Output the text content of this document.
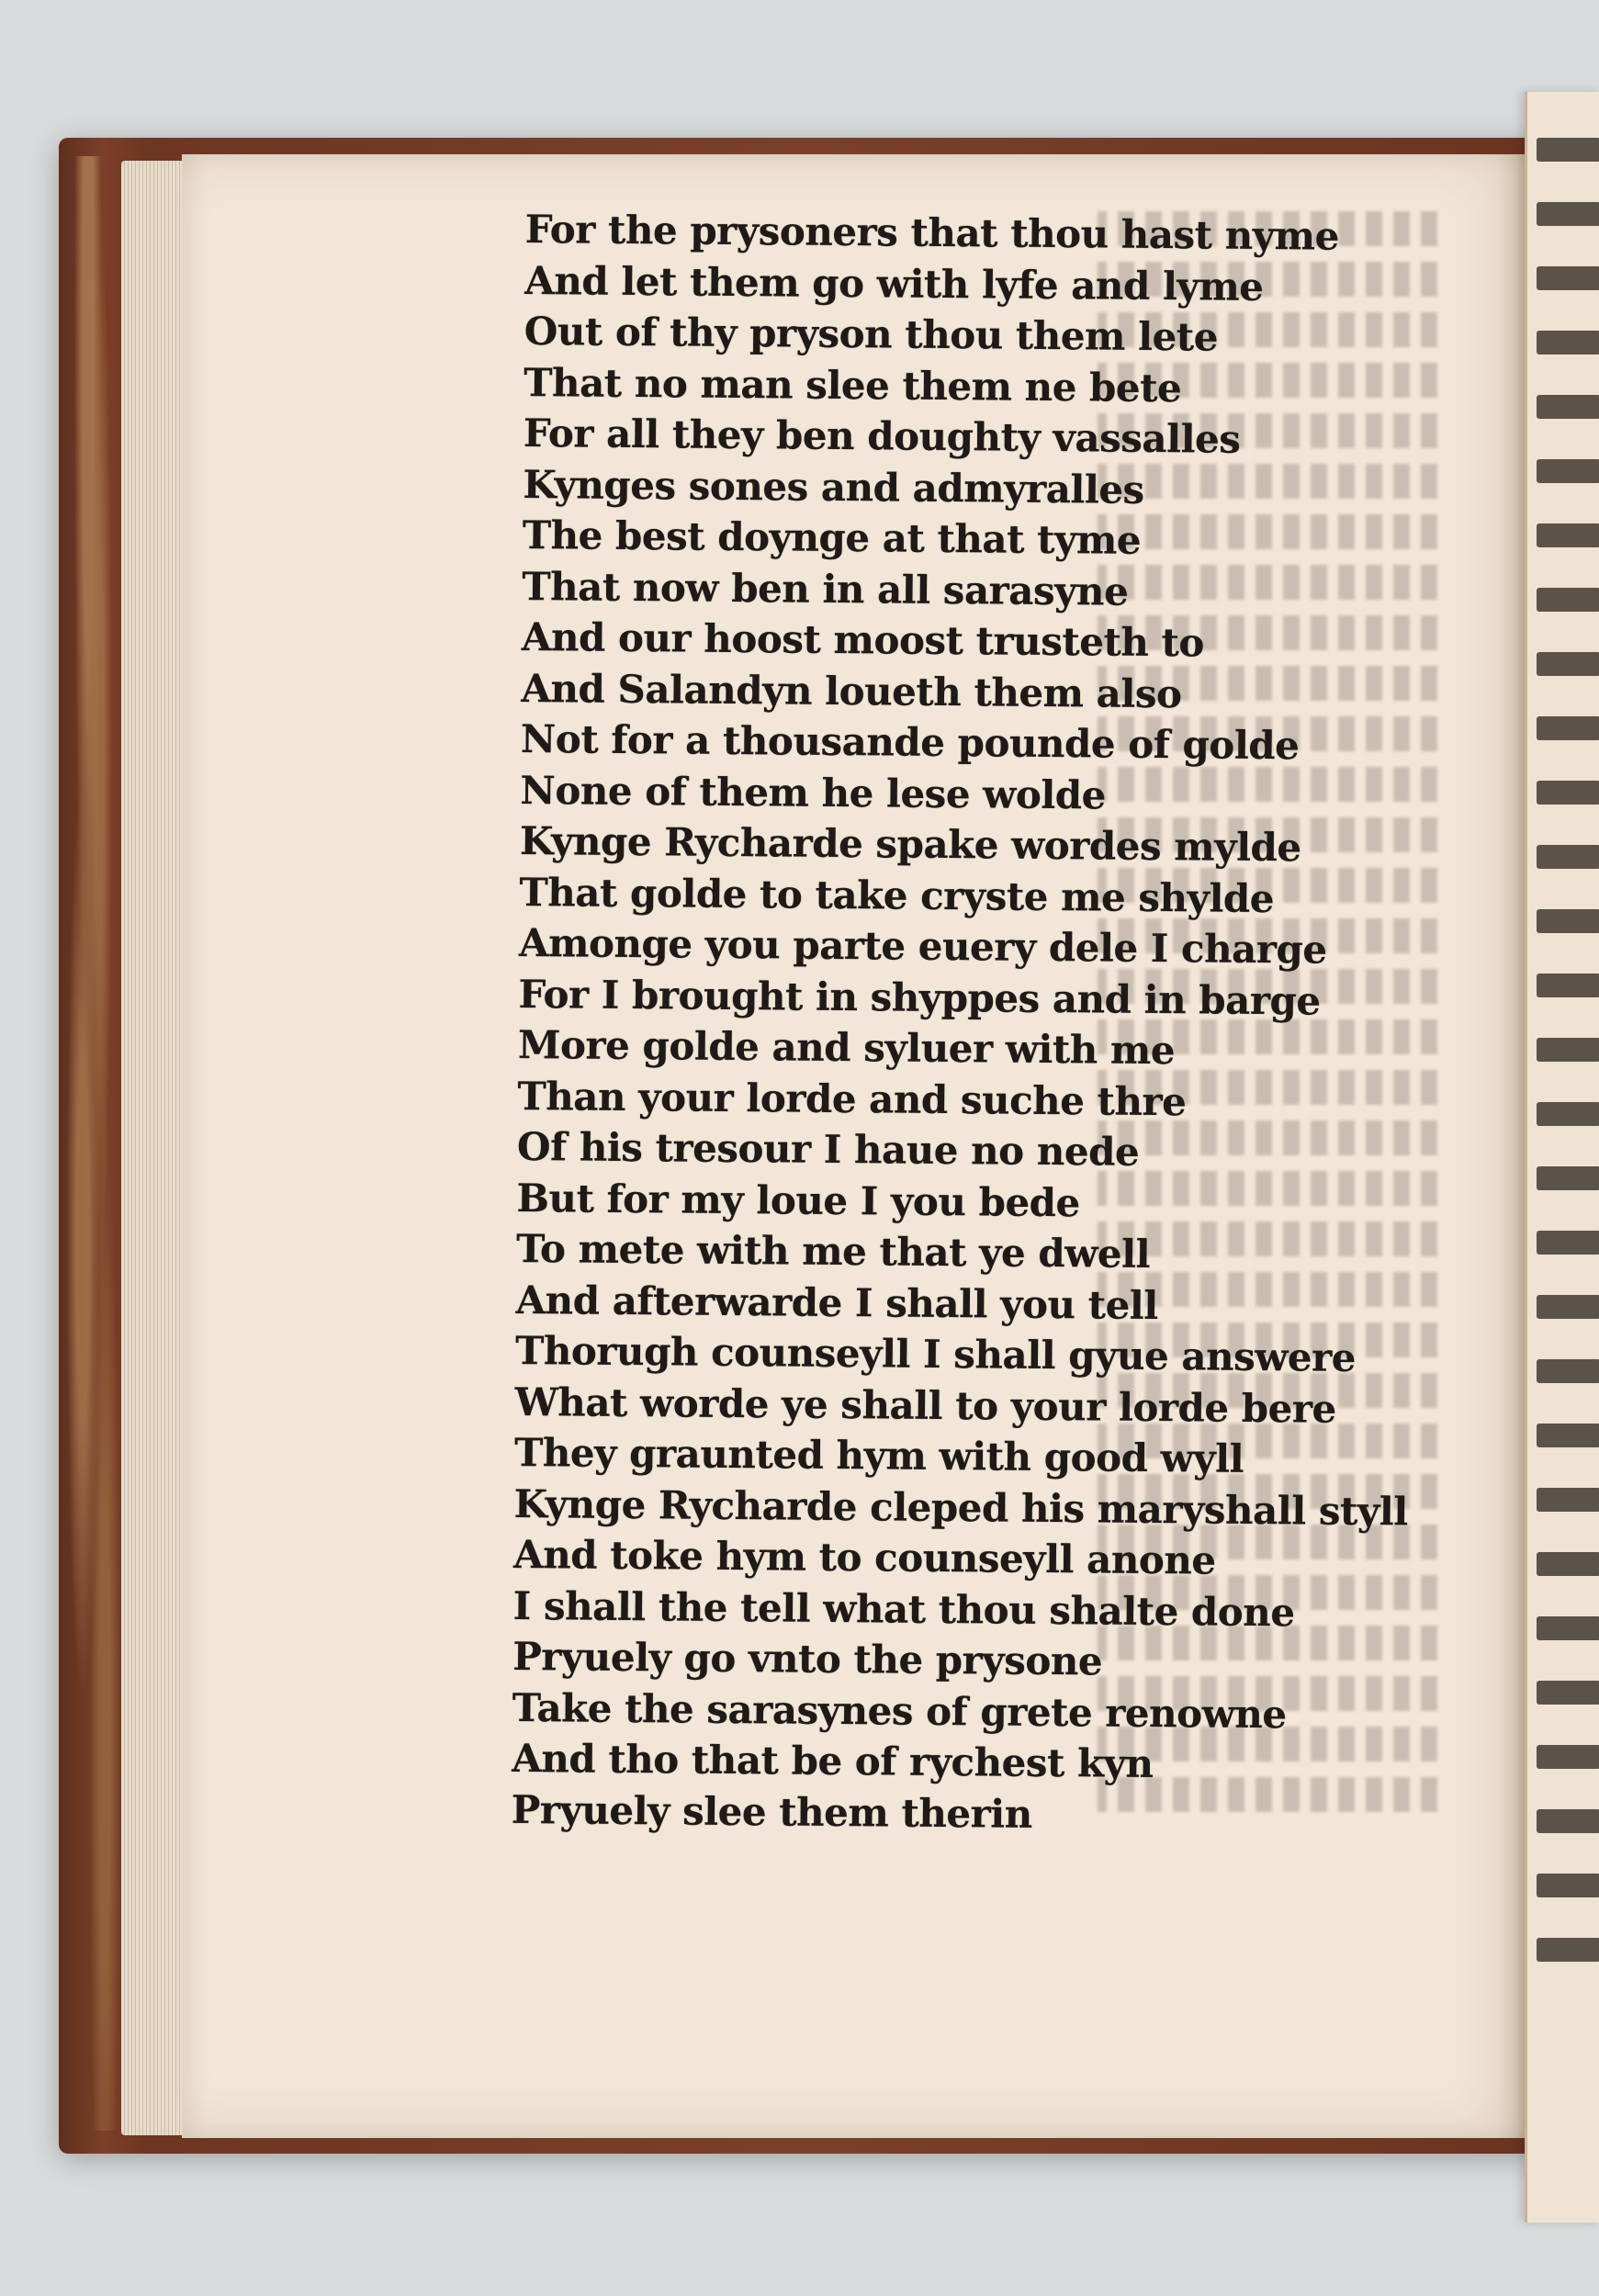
For the prysoners that thou hast nyme
And let them go with lyfe and lyme
Out of thy pryson thou them lete
That no man slee them ne bete
For all they ben doughty vassalles
Kynges sones and admyralles
The best doynge at that tyme
That now ben in all sarasyne
And our hoost moost trusteth to
And Salandyn loueth them also
Not for a thousande pounde of golde
None of them he lese wolde
Kynge Rycharde spake wordes mylde
That golde to take cryste me shylde
Amonge you parte euery dele I charge
For I brought in shyppes and in barge
More golde and syluer with me
Than your lorde and suche thre
Of his tresour I haue no nede
But for my loue I you bede
To mete with me that ye dwell
And afterwarde I shall you tell
Thorugh counseyll I shall gyue answere
What worde ye shall to your lorde bere
They graunted hym with good wyll
Kynge Rycharde cleped his maryshall styll
And toke hym to counseyll anone
I shall the tell what thou shalte done
Pryuely go vnto the prysone
Take the sarasynes of grete renowne
And tho that be of rychest kyn
Pryuely slee them therin
